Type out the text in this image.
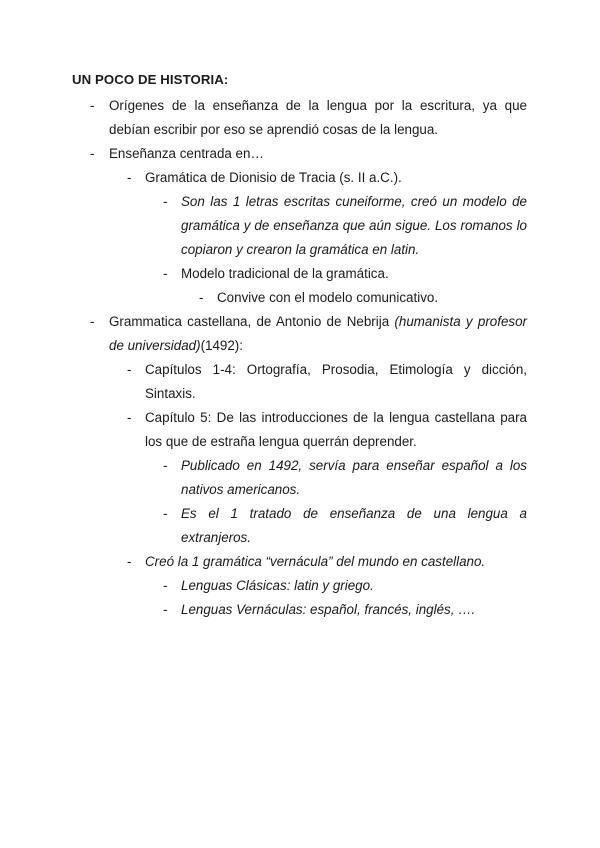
UN POCO DE HISTORIA:
- Orígenes de la enseñanza de la lengua por la escritura, ya que debían escribir por eso se aprendió cosas de la lengua.
- Enseñanza centrada en…
- Gramática de Dionisio de Tracia (s. II a.C.).
- Son las 1 letras escritas cuneiforme, creó un modelo de gramática y de enseñanza que aún sigue. Los romanos lo copiaron y crearon la gramática en latin.
- Modelo tradicional de la gramática.
- Convive con el modelo comunicativo.
- Grammatica castellana, de Antonio de Nebrija (humanista y profesor de universidad)(1492):
- Capítulos 1-4: Ortografía, Prosodia, Etimología y dicción, Sintaxis.
- Capítulo 5: De las introducciones de la lengua castellana para los que de estraña lengua querrán deprender.
- Publicado en 1492, servía para enseñar español a los nativos americanos.
- Es el 1 tratado de enseñanza de una lengua a extranjeros.
- Creó la 1 gramática “vernácula” del mundo en castellano.
- Lenguas Clásicas: latin y griego.
- Lenguas Vernáculas: español, francés, inglés, ….
